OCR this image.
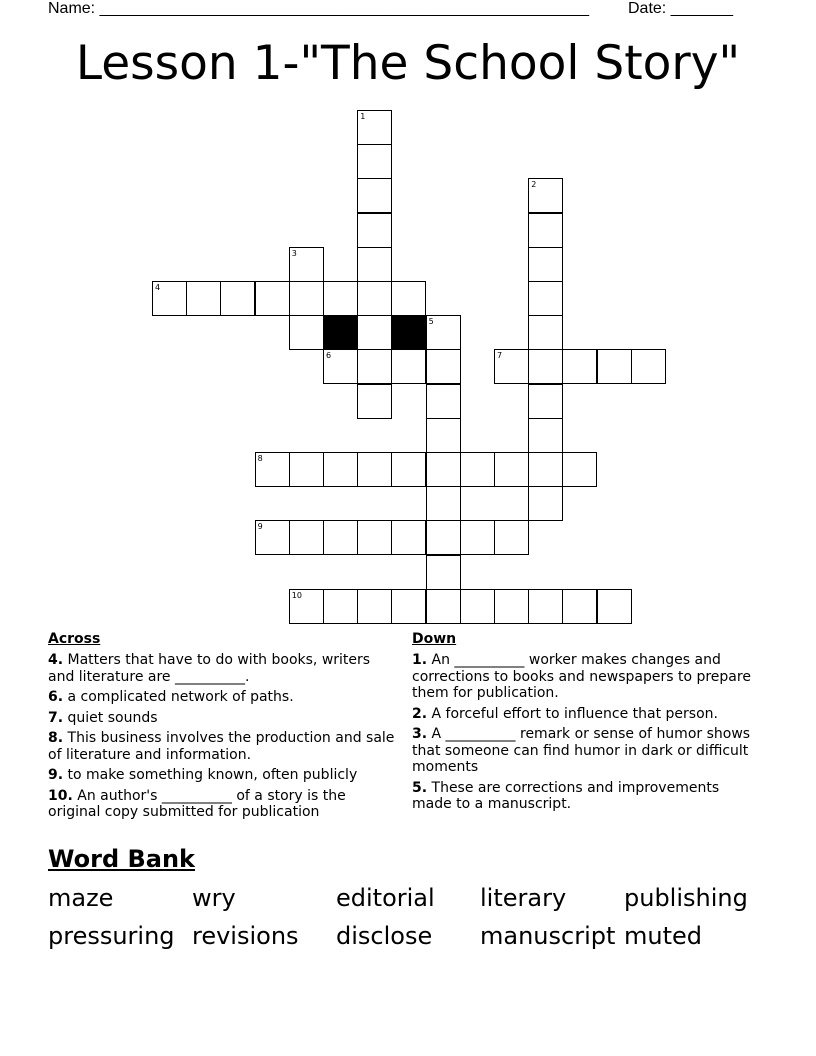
Name: _______________________________________________________ Date: _______
Lesson 1-"The School Story"
1
2
3
4
5
6	7
8
9
10
Across
4. Matters that have to do with books, writers and literature are __________.
6. a complicated network of paths.
7. quiet sounds
8. This business involves the production and sale of literature and information.
9. to make something known, often publicly
10. An author's __________ of a story is the original copy submitted for publication
Down
1. An __________ worker makes changes and corrections to books and newspapers to prepare them for publication.
2. A forceful effort to influence that person.
3. A __________ remark or sense of humor shows that someone can find humor in dark or difficult moments
5. These are corrections and improvements made to a manuscript.
Word Bank
maze	wry	editorial literary publishing
pressuring revisions disclose manuscript muted
